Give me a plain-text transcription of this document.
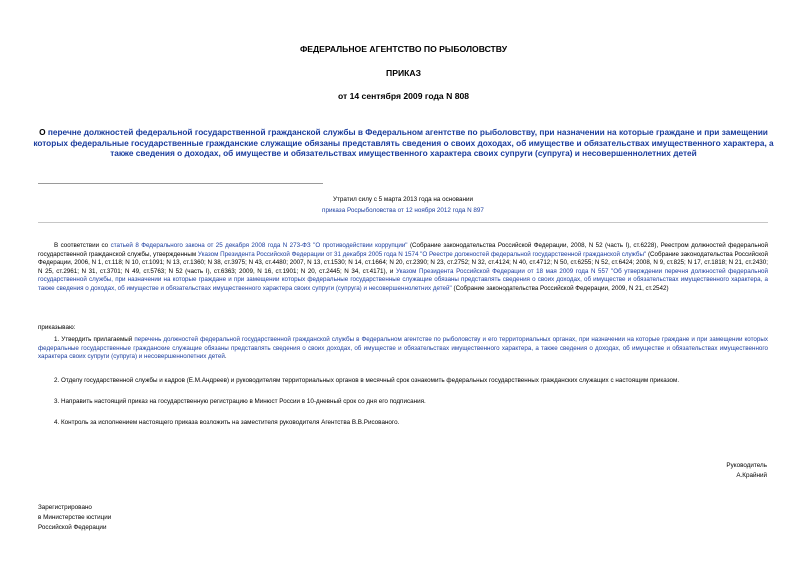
ФЕДЕРАЛЬНОЕ АГЕНТСТВО ПО РЫБОЛОВСТВУ
ПРИКАЗ
от 14 сентября 2009 года N 808
О перечне должностей федеральной государственной гражданской службы в Федеральном агентстве по рыболовству, при назначении на которые граждане и при замещении которых федеральные государственные гражданские служащие обязаны представлять сведения о своих доходах, об имуществе и обязательствах имущественного характера, а также сведения о доходах, об имуществе и обязательствах имущественного характера своих супруги (супруга) и несовершеннолетних детей
Утратил силу с 5 марта 2013 года на основании
приказа Росрыболовства от 12 ноября 2012 года N 897
В соответствии со статьей 8 Федерального закона от 25 декабря 2008 года N 273-ФЗ "О противодействии коррупции" (Собрание законодательства Российской Федерации, 2008, N 52 (часть I), ст.6228), Реестром должностей федеральной государственной гражданской службы, утвержденным Указом Президента Российской Федерации от 31 декабря 2005 года N 1574 "О Реестре должностей федеральной государственной гражданской службы" (Собрание законодательства Российской Федерации, 2006, N 1, ст.118; N 10, ст.1091; N 13, ст.1360; N 38, ст.3975; N 43, ст.4480; 2007, N 13, ст.1530; N 14, ст.1664; N 20, ст.2390; N 23, ст.2752; N 32, ст.4124; N 40, ст.4712; N 50, ст.6255; N 52, ст.6424; 2008, N 9, ст.825; N 17, ст.1818; N 21, ст.2430; N 25, ст.2961; N 31, ст.3701; N 49, ст.5763; N 52 (часть I), ст.6363; 2009, N 16, ст.1901; N 20, ст.2445; N 34, ст.4171), и Указом Президента Российской Федерации от 18 мая 2009 года N 557 "Об утверждении перечня должностей федеральной государственной службы, при назначении на которые граждане и при замещении которых федеральные государственные служащие обязаны представлять сведения о своих доходах, об имуществе и обязательствах имущественного характера, а также сведения о доходах, об имуществе и обязательствах имущественного характера своих супруги (супруга) и несовершеннолетних детей" (Собрание законодательства Российской Федерации, 2009, N 21, ст.2542)
приказываю:
1. Утвердить прилагаемый перечень должностей федеральной государственной гражданской службы в Федеральном агентстве по рыболовству и его территориальных органах, при назначении на которые граждане и при замещении которых федеральные государственные гражданские служащие обязаны представлять сведения о своих доходах, об имуществе и обязательствах имущественного характера, а также сведения о доходах, об имуществе и обязательствах имущественного характера своих супруги (супруга) и несовершеннолетних детей.
2. Отделу государственной службы и кадров (Е.М.Андреев) и руководителям территориальных органов в месячный срок ознакомить федеральных государственных гражданских служащих с настоящим приказом.
3. Направить настоящий приказ на государственную регистрацию в Минюст России в 10-дневный срок со дня его подписания.
4. Контроль за исполнением настоящего приказа возложить на заместителя руководителя Агентства В.В.Рисованого.
Руководитель
А.Крайний
Зарегистрировано
в Министерстве юстиции
Российской Федерации
